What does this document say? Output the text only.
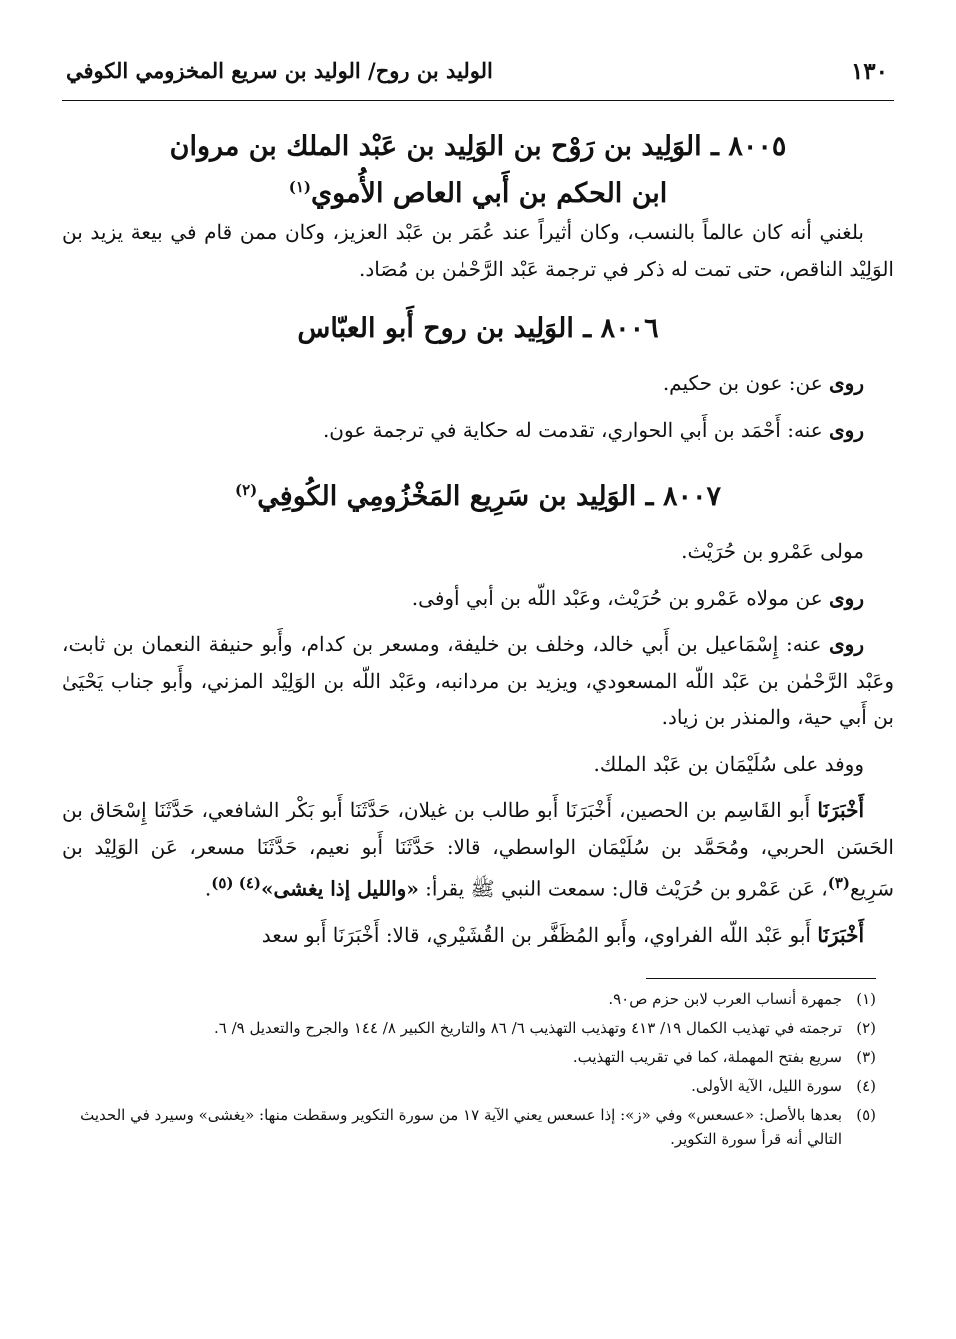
١٣٠
الوليد بن روح/ الوليد بن سريع المخزومي الكوفي
٨٠٠٥ ـ الوَلِيد بن رَوْح بن الوَلِيد بن عَبْد الملك بن مروان
ابن الحكم بن أَبي العاص الأُموي$^{(١)}$

بلغني أنه كان عالماً بالنسب، وكان أثيراً عند عُمَر بن عَبْد العزيز، وكان ممن قام في بيعة يزيد بن الوَلِيْد الناقص، حتى تمت له ذكر في ترجمة عَبْد الرَّحْمٰن بن مُصَاد.

٨٠٠٦ ـ الوَلِيد بن روح أَبو العبّاس

روى عن: عون بن حكيم.

روى عنه: أَحْمَد بن أَبي الحواري، تقدمت له حكاية في ترجمة عون.

٨٠٠٧ ـ الوَلِيد بن سَرِيع المَخْزُومِي الكُوفِي$^{(٢)}$

مولى عَمْرو بن حُرَيْث.

روى عن مولاه عَمْرو بن حُرَيْث، وعَبْد اللّه بن أبي أوفى.

روى عنه: إِسْمَاعيل بن أَبي خالد، وخلف بن خليفة، ومسعر بن كدام، وأَبو حنيفة النعمان بن ثابت، وعَبْد الرَّحْمٰن بن عَبْد اللّه المسعودي، ويزيد بن مردانبه، وعَبْد اللّه بن الوَلِيْد المزني، وأَبو جناب يَحْيَىٰ بن أَبي حية، والمنذر بن زياد.

ووفد على سُلَيْمَان بن عَبْد الملك.

أَخْبَرَنَا أَبو القَاسِم بن الحصين، أَخْبَرَنَا أَبو طالب بن غيلان، حَدَّثَنَا أَبو بَكْر الشافعي، حَدَّثَنَا إِسْحَاق بن الحَسَن الحربي، ومُحَمَّد بن سُلَيْمَان الواسطي، قالا: حَدَّثَنَا أَبو نعيم، حَدَّثَنَا مسعر، عَن الوَلِيْد بن سَرِيع$^{(٣)}$، عَن عَمْرو بن حُرَيْث قال: سمعت النبي ﷺ يقرأ: «والليل إذا يغشى»$^{(٤)}$ $^{(٥)}$.

أَخْبَرَنَا أَبو عَبْد اللّه الفراوي، وأَبو المُظَفَّر بن القُشَيْري، قالا: أَخْبَرَنَا أَبو سعد

(١)
جمهرة أنساب العرب لابن حزم ص٩٠.
(٢)
ترجمته في تهذيب الكمال ١٩/ ٤١٣ وتهذيب التهذيب ٦/ ٨٦ والتاريخ الكبير ٨/ ١٤٤ والجرح والتعديل ٩/ ٦.
(٣)
سريع بفتح المهملة، كما في تقريب التهذيب.
(٤)
سورة الليل، الآية الأولى.
(٥)
بعدها بالأصل: «عسعس» وفي «ز»: إذا عسعس يعني الآية ١٧ من سورة التكوير وسقطت منها: «يغشى» وسيرد في الحديث التالي أنه قرأ سورة التكوير.
